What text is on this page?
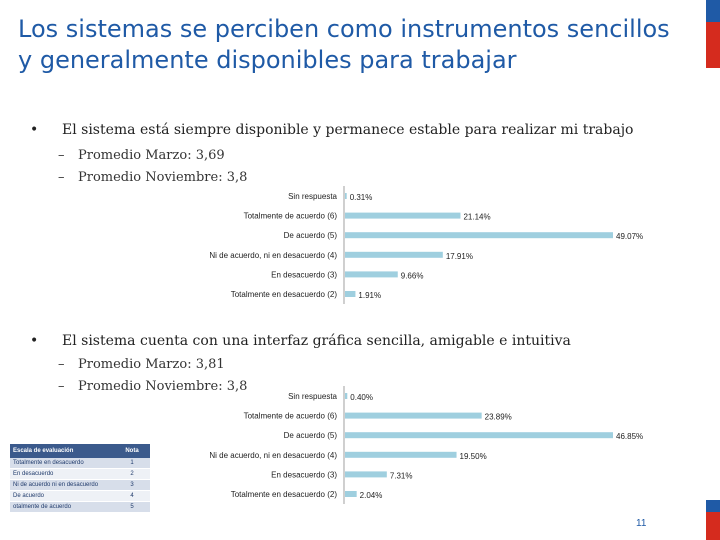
Los sistemas se perciben como instrumentos sencillos y generalmente disponibles para trabajar
• El sistema está siempre disponible y permanece estable para realizar mi trabajo
– Promedio Marzo: 3,69
– Promedio Noviembre: 3,8
Sin respuesta 0.31%
Totalmente de acuerdo (6)	21.14%
De acuerdo (5)	49.07%
Ni de acuerdo, ni en desacuerdo (4)	17.91%
En desacuerdo (3)	9.66%
Totalmente en desacuerdo (2)	1.91%
• El sistema cuenta con una interfaz gráfica sencilla, amigable e intuitiva
– Promedio Marzo: 3,81
– Promedio Noviembre: 3,8
Sin respuesta 0.40%
Totalmente de acuerdo (6)	23.89%
De acuerdo (5)	46.85%
Ni de acuerdo, ni en desacuerdo (4)	19.50%
En desacuerdo (3)	7.31%
Totalmente en desacuerdo (2)	2.04%
Escala de evaluación	Nota
Totalmente en desacuerdo	1
En desacuerdo	2
Ni de acuerdo ni en desacuerdo	3
De acuerdo	4
otalmente de acuerdo	5
11
